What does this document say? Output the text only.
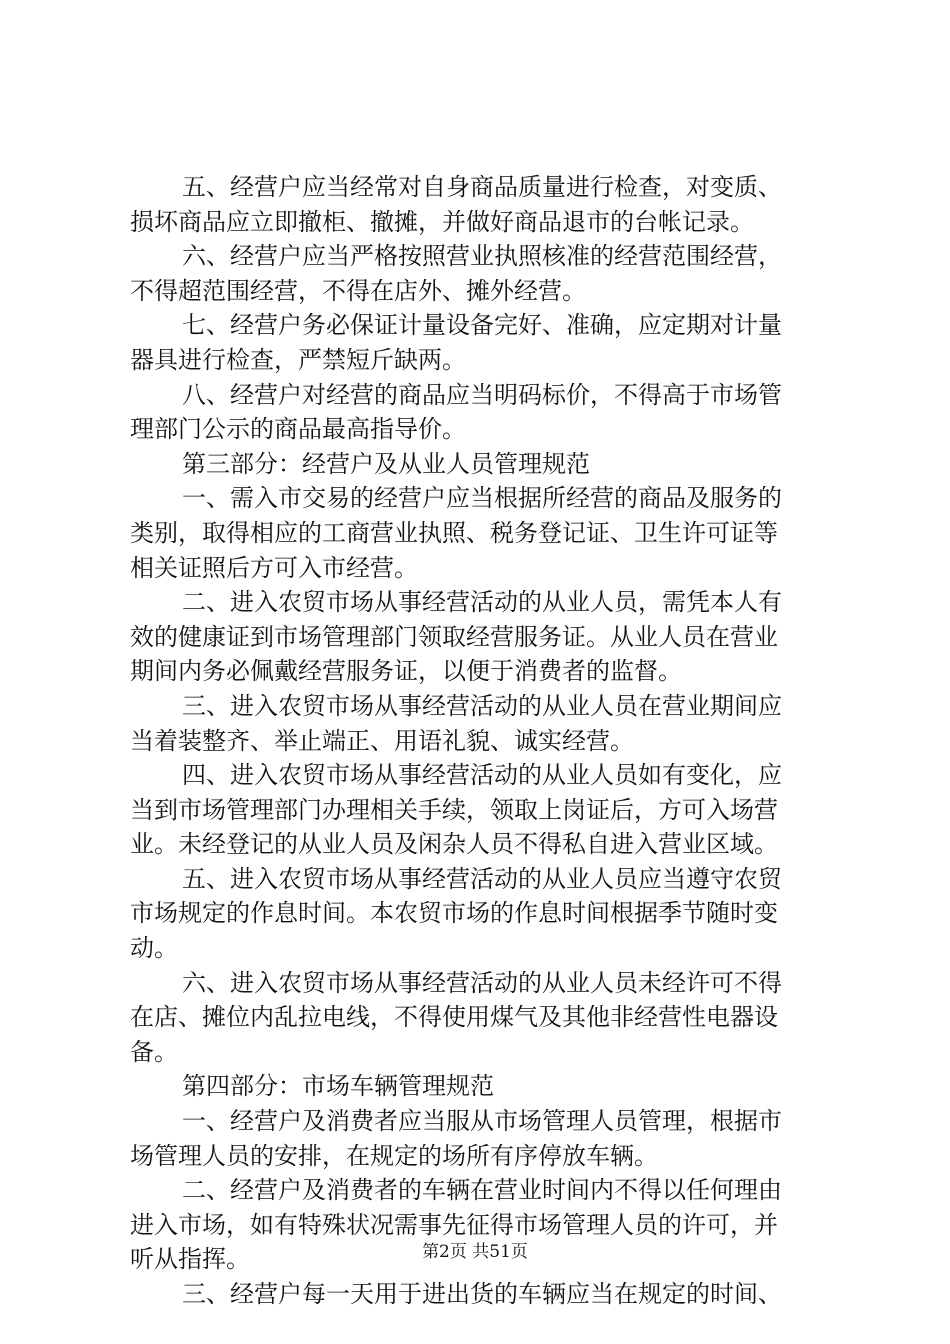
五、经营户应当经常对自身商品质量进行检查，对变质、
损坏商品应立即撤柜、撤摊，并做好商品退市的台帐记录。
六、经营户应当严格按照营业执照核准的经营范围经营，
不得超范围经营，不得在店外、摊外经营。
七、经营户务必保证计量设备完好、准确，应定期对计量
器具进行检查，严禁短斤缺两。
八、经营户对经营的商品应当明码标价，不得高于市场管
理部门公示的商品最高指导价。
第三部分：经营户及从业人员管理规范
一、需入市交易的经营户应当根据所经营的商品及服务的
类别，取得相应的工商营业执照、税务登记证、卫生许可证等
相关证照后方可入市经营。
二、进入农贸市场从事经营活动的从业人员，需凭本人有
效的健康证到市场管理部门领取经营服务证。从业人员在营业
期间内务必佩戴经营服务证，以便于消费者的监督。
三、进入农贸市场从事经营活动的从业人员在营业期间应
当着装整齐、举止端正、用语礼貌、诚实经营。
四、进入农贸市场从事经营活动的从业人员如有变化，应
当到市场管理部门办理相关手续，领取上岗证后，方可入场营
业。未经登记的从业人员及闲杂人员不得私自进入营业区域。
五、进入农贸市场从事经营活动的从业人员应当遵守农贸
市场规定的作息时间。本农贸市场的作息时间根据季节随时变
动。
六、进入农贸市场从事经营活动的从业人员未经许可不得
在店、摊位内乱拉电线，不得使用煤气及其他非经营性电器设
备。
第四部分：市场车辆管理规范
一、经营户及消费者应当服从市场管理人员管理，根据市
场管理人员的安排，在规定的场所有序停放车辆。
二、经营户及消费者的车辆在营业时间内不得以任何理由
进入市场，如有特殊状况需事先征得市场管理人员的许可，并
听从指挥。
三、经营户每一天用于进出货的车辆应当在规定的时间、
第2页 共51页
